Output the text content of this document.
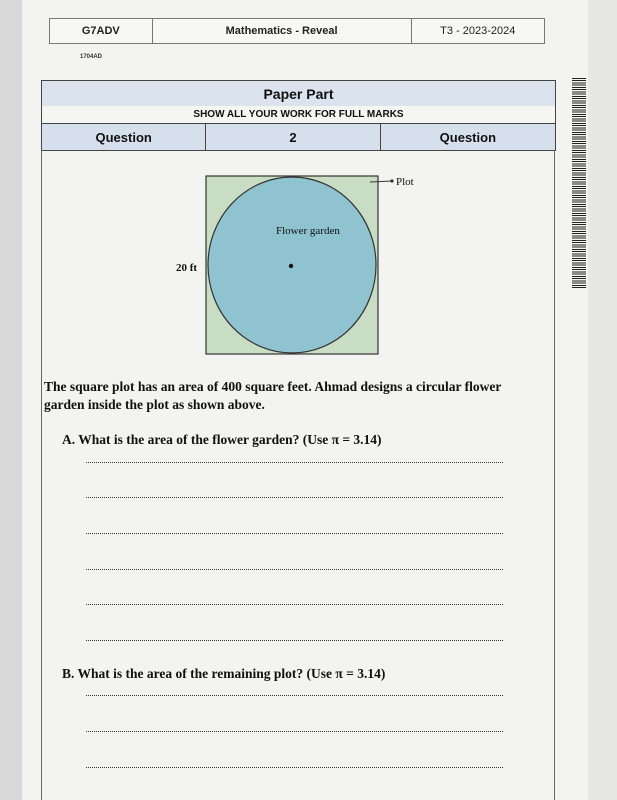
G7ADV	Mathematics - Reveal	T3 - 2023-2024
1704AD
Paper Part
SHOW ALL YOUR WORK FOR FULL MARKS
Question	2	Question
Plot
Flower garden
20 ft
The square plot has an area of 400 square feet. Ahmad designs a circular flower garden inside the plot as shown above.
A. What is the area of the flower garden? (Use π = 3.14)
B. What is the area of the remaining plot? (Use π = 3.14)
